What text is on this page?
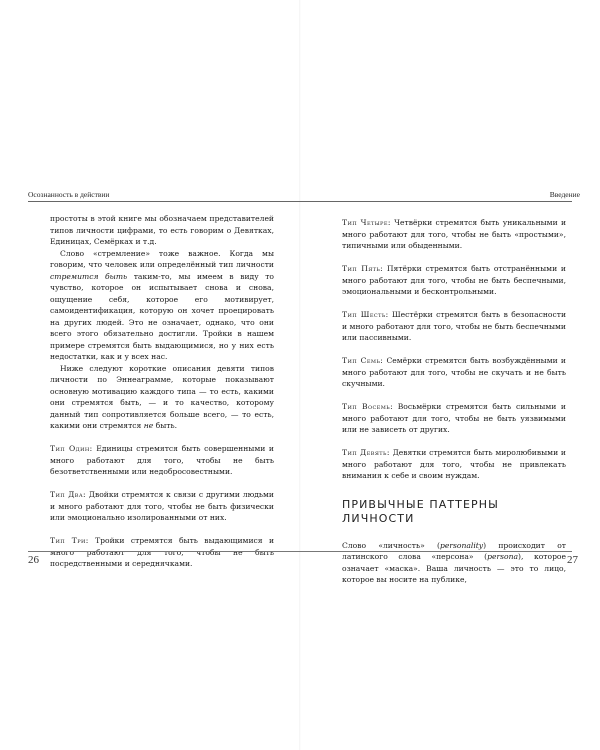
Осознанность в действии

простоты в этой книге мы обозначаем представителей типов личности цифрами, то есть говорим о Девятках, Единицах, Семёрках и т.д.

Слово «стремление» тоже важное. Когда мы говорим, что человек или определённый тип личности стремится быть таким-то, мы имеем в виду то чувство, которое он испытывает снова и снова, ощущение себя, которое его мотивирует, самоидентификация, которую он хочет проецировать на других людей. Это не означает, однако, что они всего этого обязательно достигли. Тройки в нашем примере стремятся быть выдающимися, но у них есть недостатки, как и у всех нас.

Ниже следуют короткие описания девяти типов личности по Эннеаграмме, которые показывают основную мотивацию каждого типа — то есть, какими они стремятся быть, — и то качество, которому данный тип сопротивляется больше всего, — то есть, какими они стремятся не быть.

Тип Один: Единицы стремятся быть совершенными и много работают для того, чтобы не быть безответственными или недобросовестными.

Тип Два: Двойки стремятся к связи с другими людьми и много работают для того, чтобы не быть физически или эмоционально изолированными от них.

Тип Три: Тройки стремятся быть выдающимися и много работают для того, чтобы не быть посредственными и середнячками.

26
Введение

Тип Четыре: Четвёрки стремятся быть уникальными и много работают для того, чтобы не быть «простыми», типичными или обыденными.

Тип Пять: Пятёрки стремятся быть отстранёнными и много работают для того, чтобы не быть беспечными, эмоциональными и бесконтрольными.

Тип Шесть: Шестёрки стремятся быть в безопасности и много работают для того, чтобы не быть беспечными или пассивными.

Тип Семь: Семёрки стремятся быть возбуждёнными и много работают для того, чтобы не скучать и не быть скучными.

Тип Восемь: Восьмёрки стремятся быть сильными и много работают для того, чтобы не быть уязвимыми или не зависеть от других.

Тип Девять: Девятки стремятся быть миролюбивыми и много работают для того, чтобы не привлекать внимания к себе и своим нуждам.

ПРИВЫЧНЫЕ ПАТТЕРНЫ ЛИЧНОСТИ

Слово «личность» (personality) происходит от латинского слова «персона» (persona), которое означает «маска». Ваша личность — это то лицо, которое вы носите на публике,

27
